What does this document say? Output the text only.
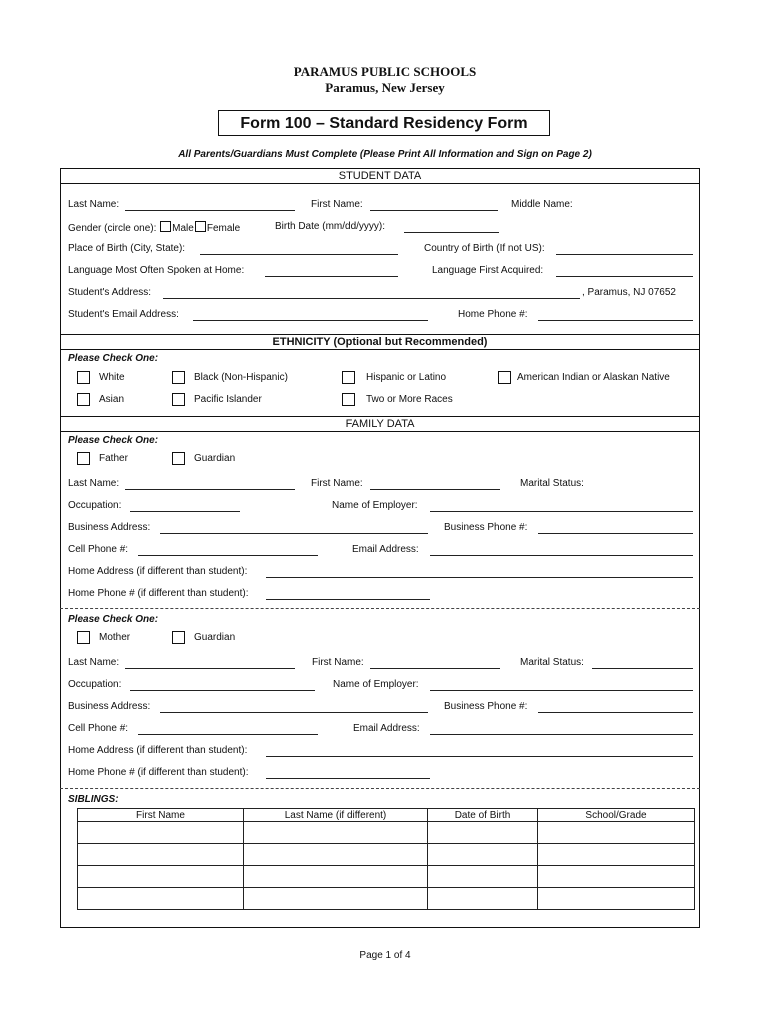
PARAMUS PUBLIC SCHOOLS
Paramus, New Jersey
Form 100 – Standard Residency Form
All Parents/Guardians Must Complete (Please Print All Information and Sign on Page 2)
STUDENT DATA
Last Name:	First Name:	Middle Name:
Gender (circle one): Male Female	Birth Date (mm/dd/yyyy):
Place of Birth (City, State):	Country of Birth (If not US):
Language Most Often Spoken at Home:	Language First Acquired:
Student's Address:	, Paramus, NJ 07652
Student's Email Address:	Home Phone #:
ETHNICITY (Optional but Recommended)
Please Check One:
White	Black (Non-Hispanic)	Hispanic or Latino	American Indian or Alaskan Native
Asian	Pacific Islander	Two or More Races
FAMILY DATA
Please Check One:
Father	Guardian
Last Name:	First Name:	Marital Status:
Occupation:	Name of Employer:
Business Address:	Business Phone #:
Cell Phone #:	Email Address:
Home Address (if different than student):
Home Phone # (if different than student):
Please Check One:
Mother	Guardian
Last Name:	First Name:	Marital Status:
Occupation:	Name of Employer:
Business Address:	Business Phone #:
Cell Phone #:	Email Address:
Home Address (if different than student):
Home Phone # (if different than student):
SIBLINGS:
First Name	Last Name (if different)	Date of Birth	School/Grade

Page 1 of 4
